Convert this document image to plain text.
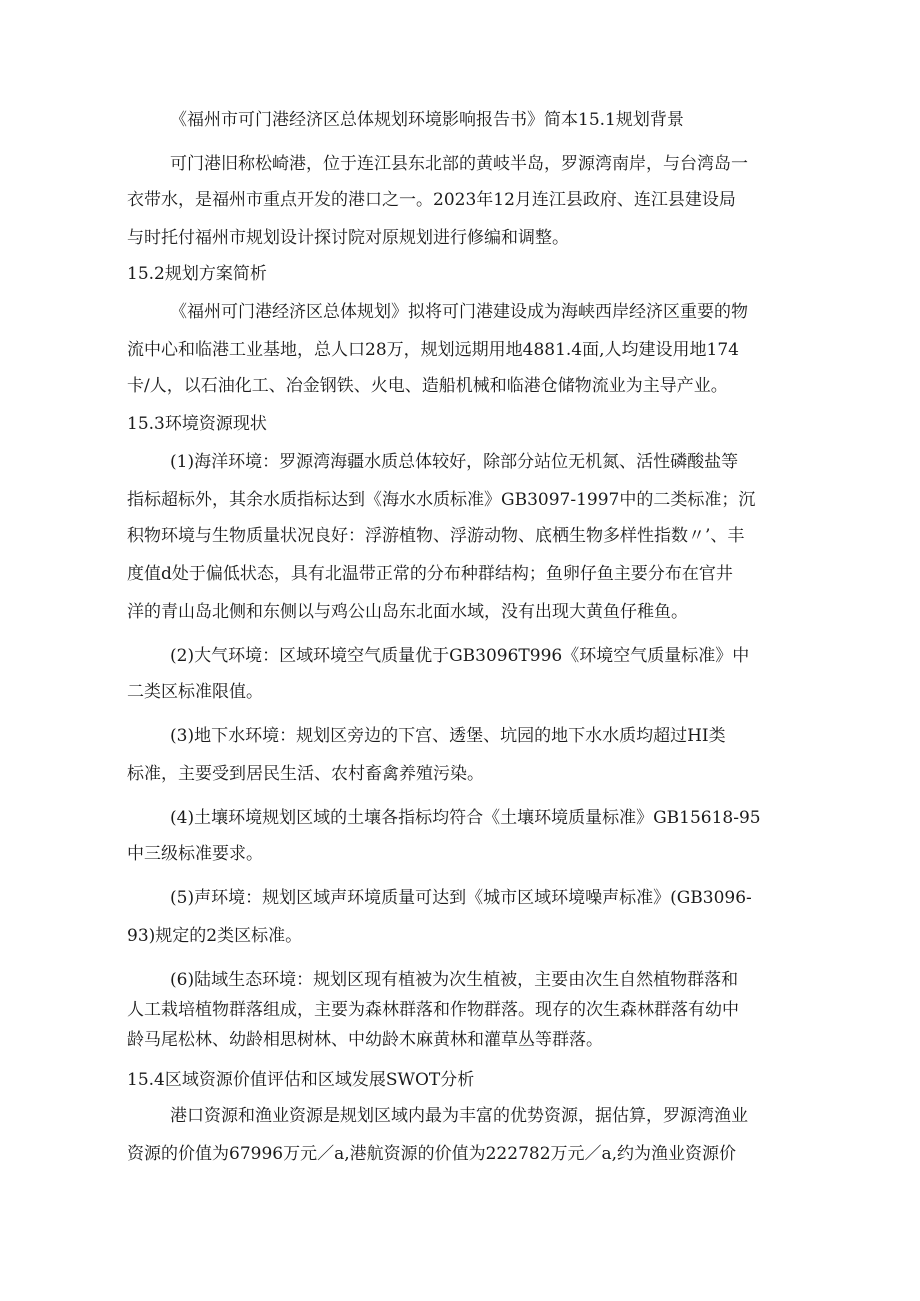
《福州市可门港经济区总体规划环境影响报告书》简本15.1规划背景
可门港旧称松崎港，位于连江县东北部的黄岐半岛，罗源湾南岸，与台湾岛一
衣带水，是福州市重点开发的港口之一。2023年12月连江县政府、连江县建设局
与时托付福州市规划设计探讨院对原规划进行修编和调整。
15.2规划方案简析
《福州可门港经济区总体规划》拟将可门港建设成为海峡西岸经济区重要的物
流中心和临港工业基地，总人口28万，规划远期用地4881.4面,人均建设用地174
卡/人，以石油化工、冶金钢铁、火电、造船机械和临港仓储物流业为主导产业。
15.3环境资源现状
(1)海洋环境：罗源湾海疆水质总体较好，除部分站位无机氮、活性磷酸盐等
指标超标外，其余水质指标达到《海水水质标准》GB3097-1997中的二类标准；沉
积物环境与生物质量状况良好：浮游植物、浮游动物、底栖生物多样性指数〃’、丰
度值d处于偏低状态，具有北温带正常的分布种群结构；鱼卵仔鱼主要分布在官井
洋的青山岛北侧和东侧以与鸡公山岛东北面水域，没有出现大黄鱼仔稚鱼。
(2)大气环境：区域环境空气质量优于GB3096T996《环境空气质量标准》中
二类区标准限值。
(3)地下水环境：规划区旁边的下宫、透堡、坑园的地下水水质均超过HI类
标准，主要受到居民生活、农村畜禽养殖污染。
(4)土壤环境规划区域的土壤各指标均符合《土壤环境质量标准》GB15618-95
中三级标准要求。
(5)声环境：规划区域声环境质量可达到《城市区域环境噪声标准》(GB3096-
93)规定的2类区标准。
(6)陆域生态环境：规划区现有植被为次生植被，主要由次生自然植物群落和
人工栽培植物群落组成，主要为森林群落和作物群落。现存的次生森林群落有幼中
龄马尾松林、幼龄相思树林、中幼龄木麻黄林和灌草丛等群落。
15.4区域资源价值评估和区域发展SWOT分析
港口资源和渔业资源是规划区域内最为丰富的优势资源，据估算，罗源湾渔业
资源的价值为67996万元／a,港航资源的价值为222782万元／a,约为渔业资源价
